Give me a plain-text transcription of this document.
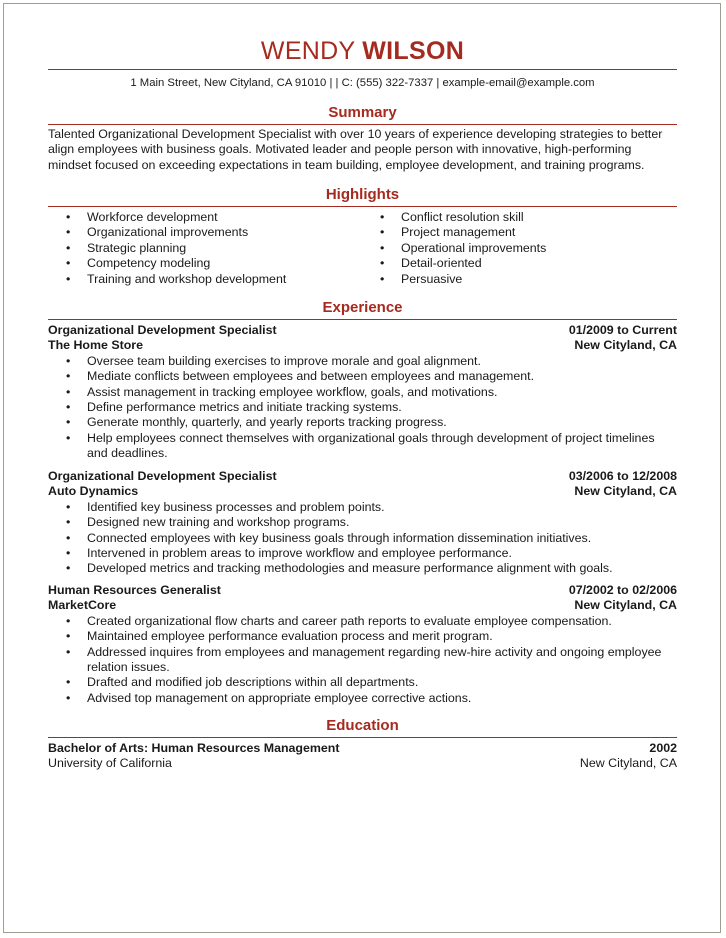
WENDY WILSON
1 Main Street, New Cityland, CA 91010 | | C: (555) 322-7337 | example-email@example.com
Summary
Talented Organizational Development Specialist with over 10 years of experience developing strategies to better align employees with business goals. Motivated leader and people person with innovative, high-performing mindset focused on exceeding expectations in team building, employee development, and training programs.
Highlights
• Workforce development
• Organizational improvements
• Strategic planning
• Competency modeling
• Training and workshop development
• Conflict resolution skill
• Project management
• Operational improvements
• Detail-oriented
• Persuasive
Experience
Organizational Development Specialist	01/2009 to Current
The Home Store	New Cityland, CA
• Oversee team building exercises to improve morale and goal alignment.
• Mediate conflicts between employees and between employees and management.
• Assist management in tracking employee workflow, goals, and motivations.
• Define performance metrics and initiate tracking systems.
• Generate monthly, quarterly, and yearly reports tracking progress.
• Help employees connect themselves with organizational goals through development of project timelines and deadlines.
Organizational Development Specialist	03/2006 to 12/2008
Auto Dynamics	New Cityland, CA
• Identified key business processes and problem points.
• Designed new training and workshop programs.
• Connected employees with key business goals through information dissemination initiatives.
• Intervened in problem areas to improve workflow and employee performance.
• Developed metrics and tracking methodologies and measure performance alignment with goals.
Human Resources Generalist	07/2002 to 02/2006
MarketCore	New Cityland, CA
• Created organizational flow charts and career path reports to evaluate employee compensation.
• Maintained employee performance evaluation process and merit program.
• Addressed inquires from employees and management regarding new-hire activity and ongoing employee relation issues.
• Drafted and modified job descriptions within all departments.
• Advised top management on appropriate employee corrective actions.
Education
Bachelor of Arts: Human Resources Management	2002
University of California	New Cityland, CA
